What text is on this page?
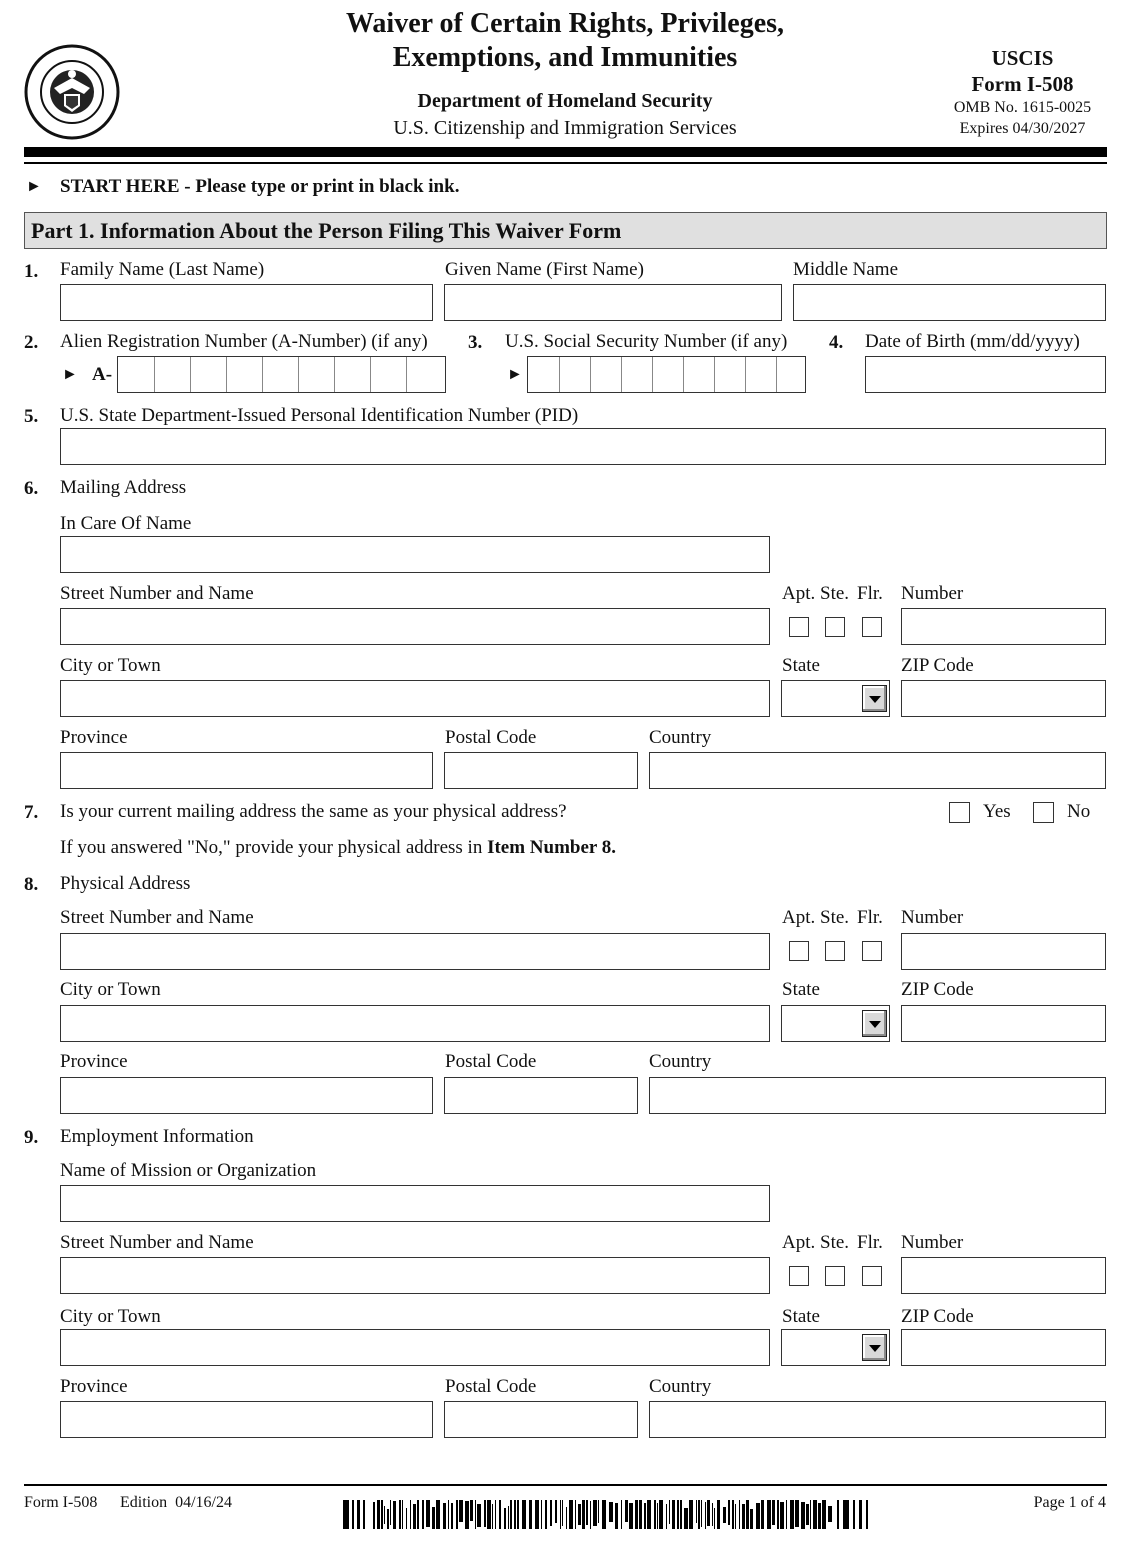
Waiver of Certain Rights, Privileges,
Exemptions, and Immunities
Department of Homeland Security
U.S. Citizenship and Immigration Services
USCIS
Form I-508
OMB No. 1615-0025
Expires 04/30/2027
► START HERE - Please type or print in black ink.
Part 1. Information About the Person Filing This Waiver Form
1. Family Name (Last Name)	Given Name (First Name)	Middle Name
2. Alien Registration Number (A-Number) (if any) 3. U.S. Social Security Number (if any) 4. Date of Birth (mm/dd/yyyy)
► A-	►
5. U.S. State Department-Issued Personal Identification Number (PID)
6. Mailing Address
In Care Of Name
Street Number and Name	Apt. Ste. Flr. Number
City or Town	State	ZIP Code
Province	Postal Code	Country
7. Is your current mailing address the same as your physical address?	Yes	No
If you answered "No," provide your physical address in Item Number 8.
8. Physical Address
Street Number and Name	Apt. Ste. Flr. Number
City or Town	State	ZIP Code
Province	Postal Code	Country
9. Employment Information
Name of Mission or Organization
Street Number and Name	Apt. Ste. Flr. Number
City or Town	State	ZIP Code
Province	Postal Code	Country
Form I-508 Edition  04/16/24	Page 1 of 4
